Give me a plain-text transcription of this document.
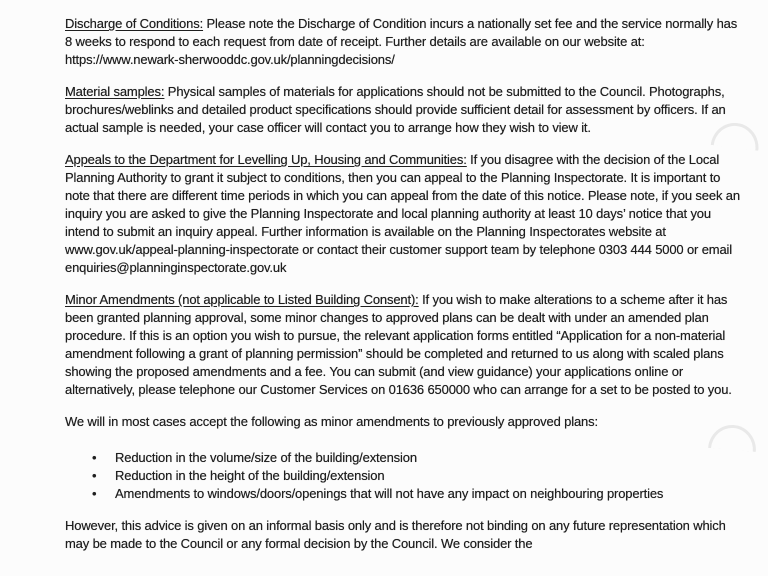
Discharge of Conditions: Please note the Discharge of Condition incurs a nationally set fee and the service normally has 8 weeks to respond to each request from date of receipt. Further details are available on our website at: https://www.newark-sherwooddc.gov.uk/planningdecisions/

Material samples: Physical samples of materials for applications should not be submitted to the Council. Photographs, brochures/weblinks and detailed product specifications should provide sufficient detail for assessment by officers. If an actual sample is needed, your case officer will contact you to arrange how they wish to view it.

Appeals to the Department for Levelling Up, Housing and Communities: If you disagree with the decision of the Local Planning Authority to grant it subject to conditions, then you can appeal to the Planning Inspectorate. It is important to note that there are different time periods in which you can appeal from the date of this notice. Please note, if you seek an inquiry you are asked to give the Planning Inspectorate and local planning authority at least 10 days’ notice that you intend to submit an inquiry appeal. Further information is available on the Planning Inspectorates website at www.gov.uk/appeal-planning-inspectorate or contact their customer support team by telephone 0303 444 5000 or email enquiries@planninginspectorate.gov.uk

Minor Amendments (not applicable to Listed Building Consent): If you wish to make alterations to a scheme after it has been granted planning approval, some minor changes to approved plans can be dealt with under an amended plan procedure. If this is an option you wish to pursue, the relevant application forms entitled “Application for a non-material amendment following a grant of planning permission” should be completed and returned to us along with scaled plans showing the proposed amendments and a fee. You can submit (and view guidance) your applications online or alternatively, please telephone our Customer Services on 01636 650000 who can arrange for a set to be posted to you.

We will in most cases accept the following as minor amendments to previously approved plans:

• Reduction in the volume/size of the building/extension
• Reduction in the height of the building/extension
• Amendments to windows/doors/openings that will not have any impact on neighbouring properties

However, this advice is given on an informal basis only and is therefore not binding on any future representation which may be made to the Council or any formal decision by the Council. We consider the
